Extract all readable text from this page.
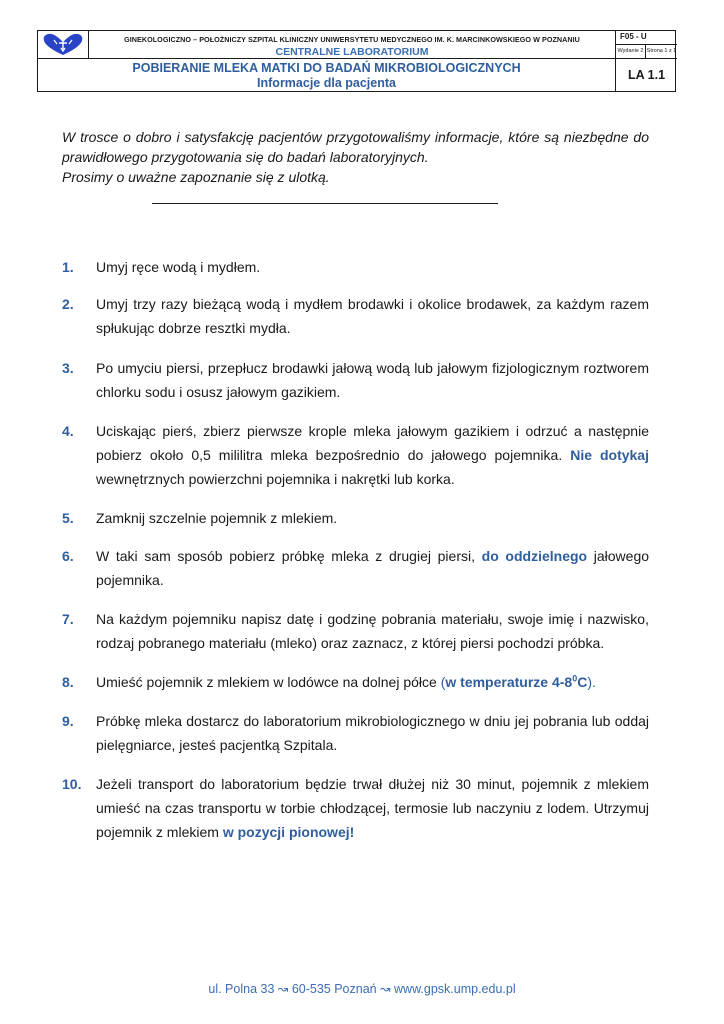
GINEKOLOGICZNO – POŁOŻNICZY SZPITAL KLINICZNY UNIWERSYTETU MEDYCZNEGO IM. K. MARCINKOWSKIEGO W POZNANIU
CENTRALNE LABORATORIUM
F05 - U
Wydanie 2 Strona 1 z 1
POBIERANIE MLEKA MATKI DO BADAŃ MIKROBIOLOGICZNYCH
Informacje dla pacjenta
LA 1.1

W trosce o dobro i satysfakcję pacjentów przygotowaliśmy informacje, które są niezbędne do prawidłowego przygotowania się do badań laboratoryjnych.

Prosimy o uważne zapoznanie się z ulotką.

1. Umyj ręce wodą i mydłem.
2. Umyj trzy razy bieżącą wodą i mydłem brodawki i okolice brodawek, za każdym razem spłukując dobrze resztki mydła.
3. Po umyciu piersi, przepłucz brodawki jałową wodą lub jałowym fizjologicznym roztworem chlorku sodu i osusz jałowym gazikiem.
4. Uciskając pierś, zbierz pierwsze krople mleka jałowym gazikiem i odrzuć a następnie pobierz około 0,5 mililitra mleka bezpośrednio do jałowego pojemnika. Nie dotykaj wewnętrznych powierzchni pojemnika i nakrętki lub korka.
5. Zamknij szczelnie pojemnik z mlekiem.
6. W taki sam sposób pobierz próbkę mleka z drugiej piersi, do oddzielnego jałowego pojemnika.
7. Na każdym pojemniku napisz datę i godzinę pobrania materiału, swoje imię i nazwisko, rodzaj pobranego materiału (mleko) oraz zaznacz, z której piersi pochodzi próbka.
8. Umieść pojemnik z mlekiem w lodówce na dolnej półce (w temperaturze $4-8^0C$).
9. Próbkę mleka dostarcz do laboratorium mikrobiologicznego w dniu jej pobrania lub oddaj pielęgniarce, jesteś pacjentką Szpitala.
10. Jeżeli transport do laboratorium będzie trwał dłużej niż 30 minut, pojemnik z mlekiem umieść na czas transportu w torbie chłodzącej, termosie lub naczyniu z lodem. Utrzymuj pojemnik z mlekiem w pozycji pionowej!
ul. Polna 33 ↝ 60-535 Poznań ↝ www.gpsk.ump.edu.pl
